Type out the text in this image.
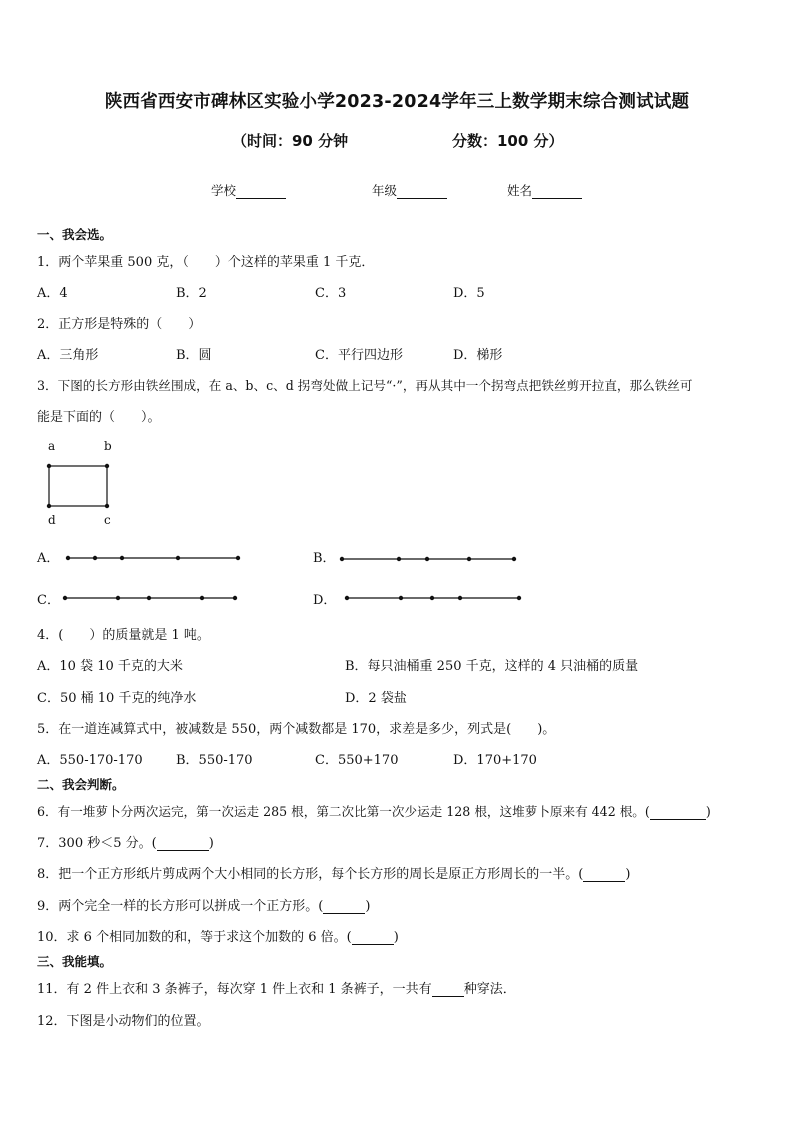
陕西省西安市碑林区实验小学2023-2024学年三上数学期末综合测试试题
（时间：90 分钟	分数：100 分）
学校	年级	姓名
一、我会选。
1．两个苹果重 500 克，（　　）个这样的苹果重 1 千克．
A．4	B．2	C．3	D．5
2．正方形是特殊的（　　）
A．三角形	B．圆	C．平行四边形	D．梯形
3．下图的长方形由铁丝围成，在 a、b、c、d 拐弯处做上记号“·”，再从其中一个拐弯点把铁丝剪开拉直，那么铁丝可
能是下面的（　　）。
a	b
d	c
A．	B．
C．	D．
4．(　　）的质量就是 1 吨。
A．10 袋 10 千克的大米	B．每只油桶重 250 千克，这样的 4 只油桶的质量
C．50 桶 10 千克的纯净水	D．2 袋盐
5．在一道连减算式中，被减数是 550，两个减数都是 170，求差是多少，列式是(　　)。
A．550-170-170	B．550-170	C．550+170	D．170+170
二、我会判断。
6．有一堆萝卜分两次运完，第一次运走 285 根，第二次比第一次少运走 128 根，这堆萝卜原来有 442 根。(	)
7．300 秒＜5 分。(	)
8．把一个正方形纸片剪成两个大小相同的长方形，每个长方形的周长是原正方形周长的一半。(	)
9．两个完全一样的长方形可以拼成一个正方形。(	)
10．求 6 个相同加数的和，等于求这个加数的 6 倍。(	)
三、我能填。
11．有 2 件上衣和 3 条裤子，每次穿 1 件上衣和 1 条裤子，一共有 种穿法．
12．下图是小动物们的位置。
